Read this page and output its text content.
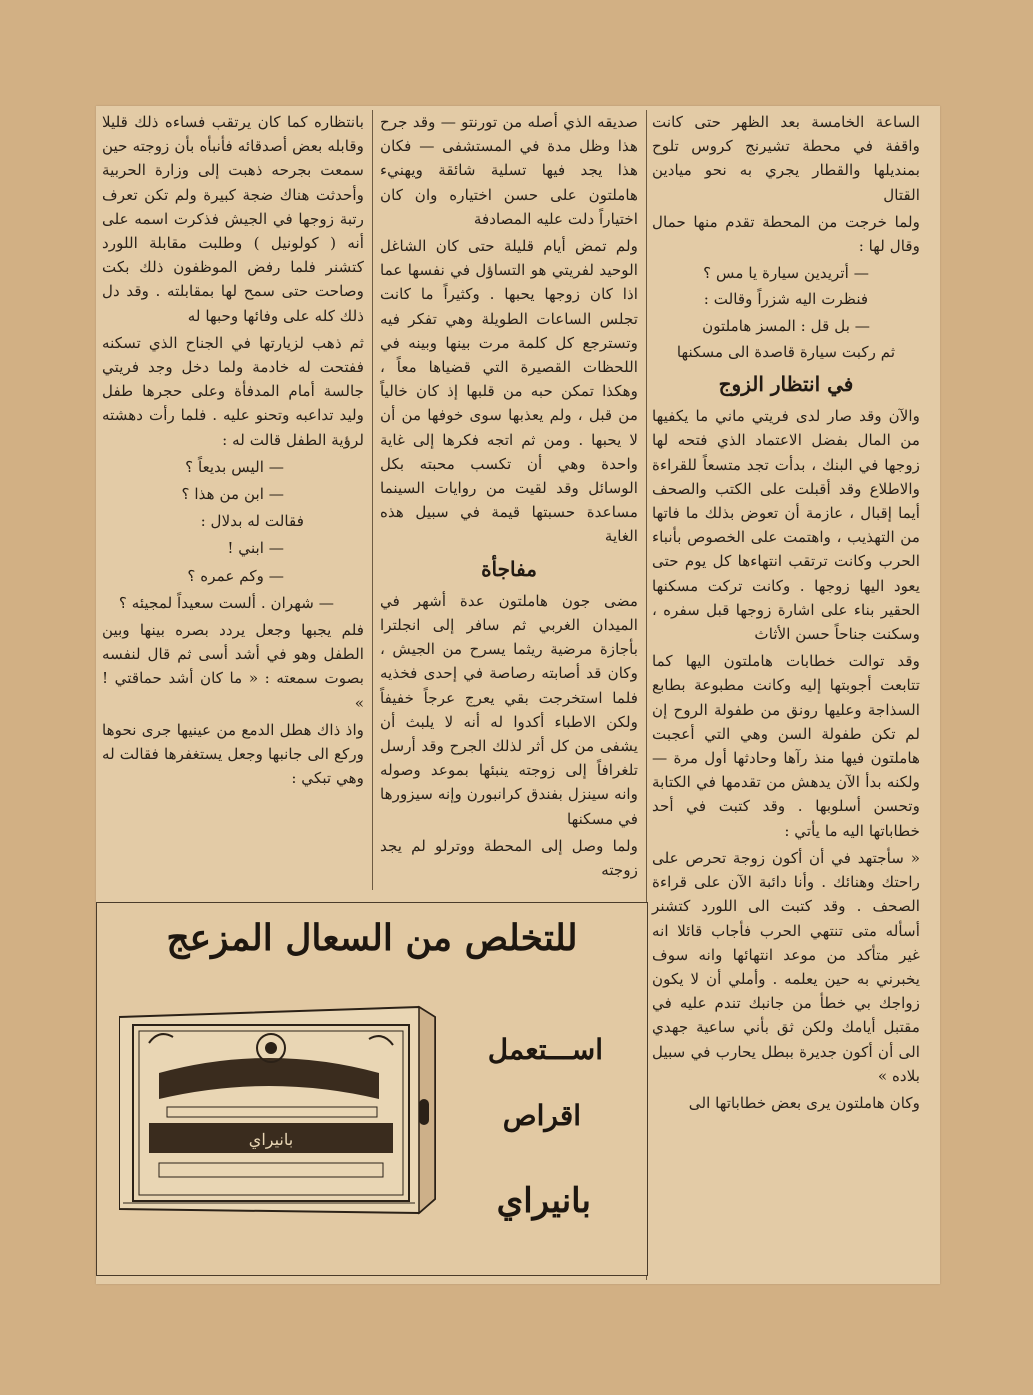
الساعة الخامسة بعد الظهر حتى كانت واقفة في محطة تشيرنج كروس تلوح بمنديلها والقطار يجري به نحو ميادين القتال

ولما خرجت من المحطة تقدم منها حمال وقال لها :

— أتريدين سيارة يا مس ؟

فنظرت اليه شزراً وقالت :

— بل قل : المسز هاملتون

ثم ركبت سيارة قاصدة الى مسكنها

في انتظار الزوج

والآن وقد صار لدى فريتي ماني ما يكفيها من المال بفضل الاعتماد الذي فتحه لها زوجها في البنك ، بدأت تجد متسعاً للقراءة والاطلاع وقد أقبلت على الكتب والصحف أيما إقبال ، عازمة أن تعوض بذلك ما فاتها من التهذيب ، واهتمت على الخصوص بأنباء الحرب وكانت ترتقب انتهاءها كل يوم حتى يعود اليها زوجها . وكانت تركت مسكنها الحقير بناء على اشارة زوجها قبل سفره ، وسكنت جناحاً حسن الأثاث

وقد توالت خطابات هاملتون اليها كما تتابعت أجوبتها إليه وكانت مطبوعة بطابع السذاجة وعليها رونق من طفولة الروح إن لم تكن طفولة السن وهي التي أعجبت هاملتون فيها منذ رآها وحادثها أول مرة — ولكنه بدأ الآن يدهش من تقدمها في الكتابة وتحسن أسلوبها . وقد كتبت في أحد خطاباتها اليه ما يأتي :

« سأجتهد في أن أكون زوجة تحرص على راحتك وهنائك . وأنا دائبة الآن على قراءة الصحف . وقد كتبت الى اللورد كتشنر أسأله متى تنتهي الحرب فأجاب قائلا انه غير متأكد من موعد انتهائها وانه سوف يخبرني به حين يعلمه . وأملي أن لا يكون زواجك بي خطأ من جانبك تندم عليه في مقتبل أيامك ولكن ثق بأني ساعية جهدي الى أن أكون جديرة ببطل يحارب في سبيل بلاده »

وكان هاملتون يرى بعض خطاباتها الى

صديقه الذي أصله من تورنتو — وقد جرح هذا وظل مدة في المستشفى — فكان هذا يجد فيها تسلية شائقة ويهنيء هاملتون على حسن اختياره وان كان اختياراً دلت عليه المصادفة

ولم تمض أيام قليلة حتى كان الشاغل الوحيد لفريتي هو التساؤل في نفسها عما اذا كان زوجها يحبها . وكثيراً ما كانت تجلس الساعات الطويلة وهي تفكر فيه وتسترجع كل كلمة مرت بينها وبينه في اللحظات القصيرة التي قضياها معاً ، وهكذا تمكن حبه من قلبها إذ كان خالياً من قبل ، ولم يعذبها سوى خوفها من أن لا يحبها . ومن ثم اتجه فكرها إلى غاية واحدة وهي أن تكسب محبته بكل الوسائل وقد لقيت من روايات السينما مساعدة حسبتها قيمة في سبيل هذه الغاية

مفاجأة

مضى جون هاملتون عدة أشهر في الميدان الغربي ثم سافر إلى انجلترا بأجازة مرضية ريثما يسرح من الجيش ، وكان قد أصابته رصاصة في إحدى فخذيه فلما استخرجت بقي يعرج عرجاً خفيفاً ولكن الاطباء أكدوا له أنه لا يلبث أن يشفى من كل أثر لذلك الجرح وقد أرسل تلغرافاً إلى زوجته ينبئها بموعد وصوله وانه سينزل بفندق كرانبورن وإنه سيزورها في مسكنها

ولما وصل إلى المحطة ووترلو لم يجد زوجته

بانتظاره كما كان يرتقب فساءه ذلك قليلا وقابله بعض أصدقائه فأنبأه بأن زوجته حين سمعت بجرحه ذهبت إلى وزارة الحربية وأحدثت هناك ضجة كبيرة ولم تكن تعرف رتبة زوجها في الجيش فذكرت اسمه على أنه ( كولونيل ) وطلبت مقابلة اللورد كتشنر فلما رفض الموظفون ذلك بكت وصاحت حتى سمح لها بمقابلته . وقد دل ذلك كله على وفائها وحبها له

ثم ذهب لزيارتها في الجناح الذي تسكنه ففتحت له خادمة ولما دخل وجد فريتي جالسة أمام المدفأة وعلى حجرها طفل وليد تداعبه وتحنو عليه . فلما رأت دهشته لرؤية الطفل قالت له :

— اليس بديعاً ؟

— ابن من هذا ؟

فقالت له بدلال :

— ابني !

— وكم عمره ؟

— شهران . ألست سعيداً لمجيئه ؟

فلم يجبها وجعل يردد بصره بينها وبين الطفل وهو في أشد أسى ثم قال لنفسه بصوت سمعته : « ما كان أشد حماقتي ! »

واذ ذاك هطل الدمع من عينيها جرى نحوها وركع الى جانبها وجعل يستغفرها فقالت له وهي تبكي :

للتخلص من السعال المزعج
اســـتعمل
اقراص
بانيراي
بانيراي
